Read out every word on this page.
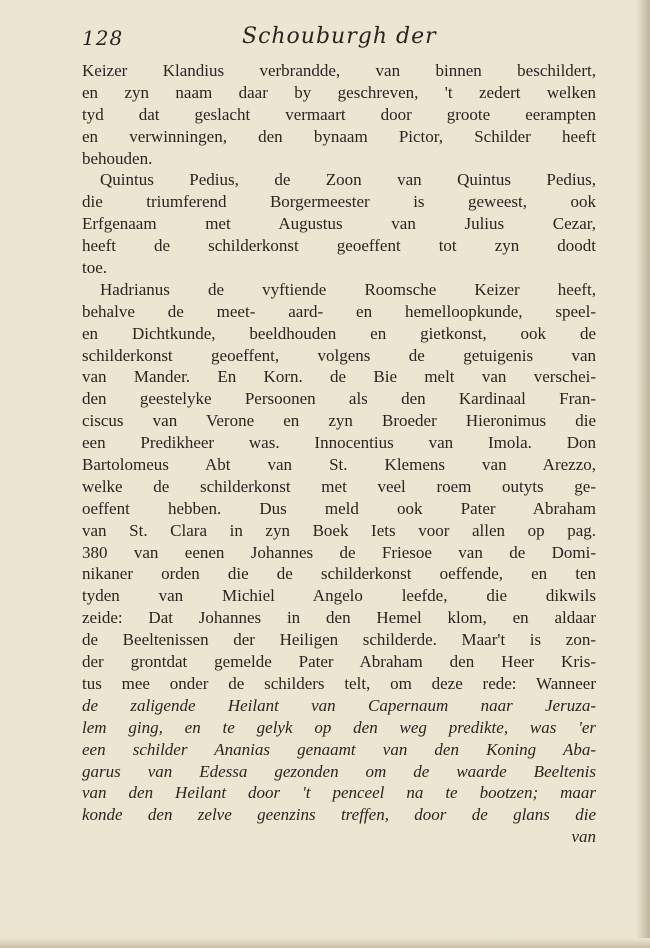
128	Schouburgh der
Keizer Klandius verbrandde, van binnen beschildert,
en zyn naam daar by geschreven, 't zedert welken
tyd dat geslacht vermaart door groote eerampten
en verwinningen, den bynaam Pictor, Schilder heeft
behouden.
Quintus Pedius, de Zoon van Quintus Pedius,
die triumferend Borgermeester is geweest, ook
Erfgenaam met Augustus van Julius Cezar,
heeft de schilderkonst geoeffent tot zyn doodt
toe.
Hadrianus de vyftiende Roomsche Keizer heeft,
behalve de meet- aard- en hemelloopkunde, speel-
en Dichtkunde, beeldhouden en gietkonst, ook de
schilderkonst geoeffent, volgens de getuigenis van
van Mander. En Korn. de Bie melt van verschei-
den geestelyke Persoonen als den Kardinaal Fran-
ciscus van Verone en zyn Broeder Hieronimus die
een Predikheer was. Innocentius van Imola. Don
Bartolomeus Abt van St. Klemens van Arezzo,
welke de schilderkonst met veel roem outyts ge-
oeffent hebben. Dus meld ook Pater Abraham
van St. Clara in zyn Boek Iets voor allen op pag.
380 van eenen Johannes de Friesoe van de Domi-
nikaner orden die de schilderkonst oeffende, en ten
tyden van Michiel Angelo leefde, die dikwils
zeide: Dat Johannes in den Hemel klom, en aldaar
de Beeltenissen der Heiligen schilderde. Maar't is zon-
der grontdat gemelde Pater Abraham den Heer Kris-
tus mee onder de schilders telt, om deze rede: Wanneer
de zaligende Heilant van Capernaum naar Jeruza-
lem ging, en te gelyk op den weg predikte, was 'er
een schilder Ananias genaamt van den Koning Aba-
garus van Edessa gezonden om de waarde Beeltenis
van den Heilant door 't penceel na te bootzen; maar
konde den zelve geenzins treffen, door de glans die
van
